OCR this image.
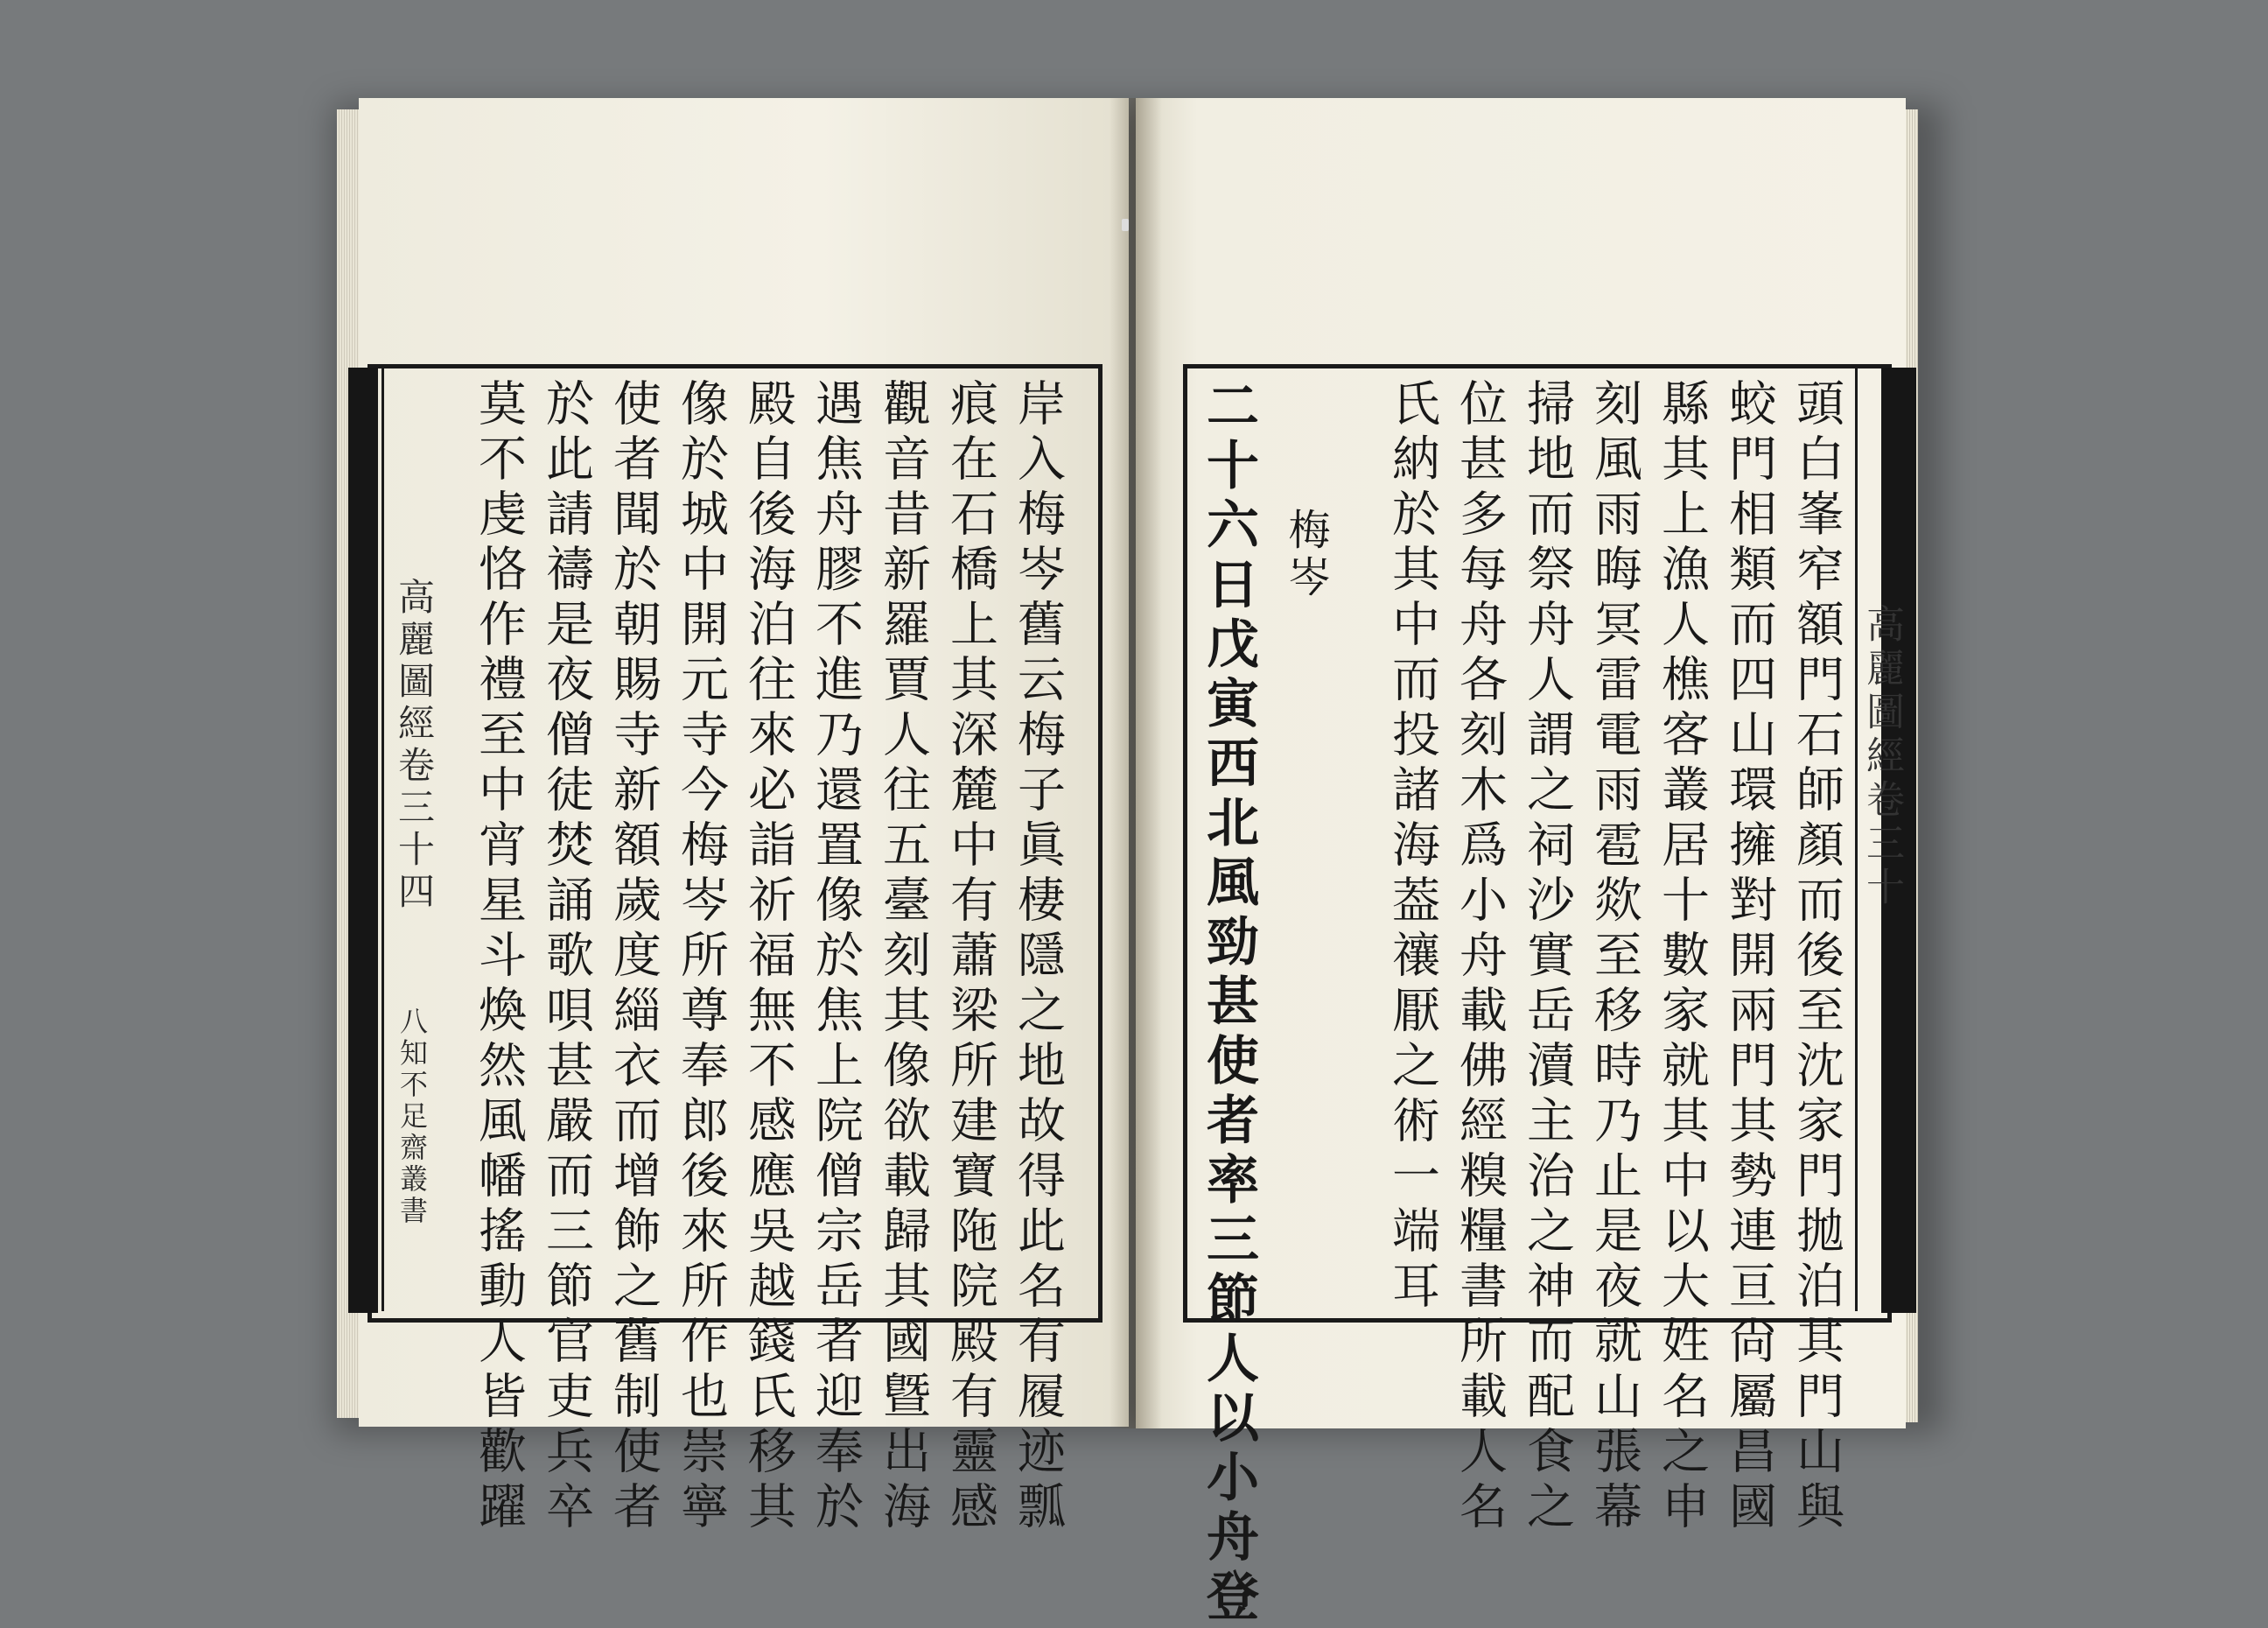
岸入梅岑舊云梅子眞棲隱之地故得此名有履迹瓢
痕在石橋上其深麓中有蕭梁所建寶陁院殿有靈感
觀音昔新羅賈人往五臺刻其像欲載歸其國曁出海
遇焦舟膠不進乃還置像於焦上院僧宗岳者迎奉於
殿自後海泊往來必詣祈福無不感應吳越錢氏移其
像於城中開元寺今梅岑所尊奉郎後來所作也崇寧
使者聞於朝賜寺新額歲度緇衣而增飾之舊制使者
於此請禱是夜僧徒焚誦歌唄甚嚴而三節官吏兵卒
莫不虔恪作禮至中宵星斗煥然風幡搖動人皆歡躍
高麗圖經卷三十四
八知不足齋叢書	頭白峯窄額門石師顏而後至沈家門拋泊其門山與
蛟門相類而四山環擁對開兩門其勢連亘尙屬昌國
縣其上漁人樵客叢居十數家就其中以大姓名之申
刻風雨晦冥雷電雨雹欻至移時乃止是夜就山張幕
掃地而祭舟人謂之祠沙實岳瀆主治之神而配食之
位甚多每舟各刻木爲小舟載佛經糗糧書所載人名
氏納於其中而投諸海葢禳厭之術一端耳
梅岑
二十六日戊寅西北風勁甚使者率三節人以小舟登	高麗圖經卷三十
